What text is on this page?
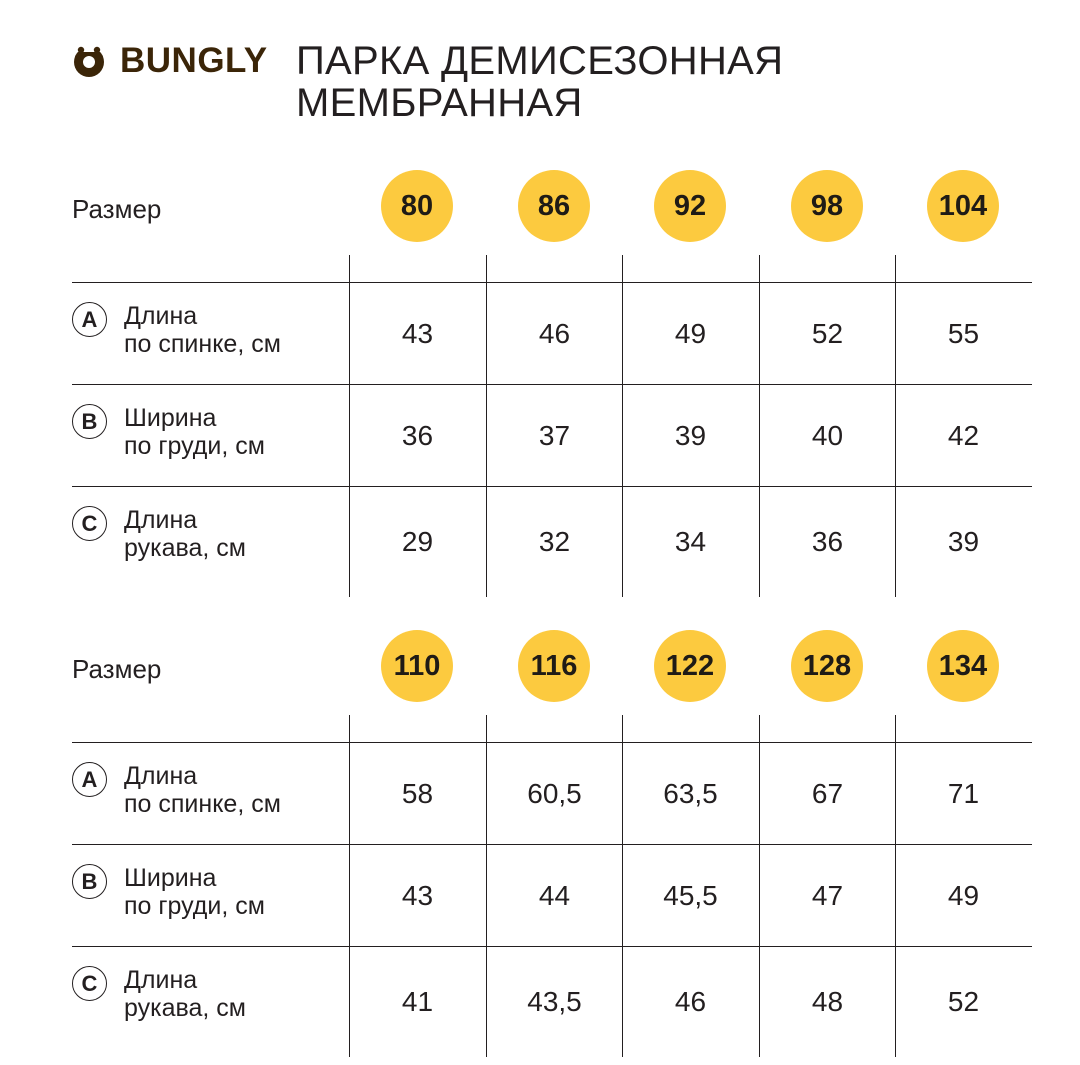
BUNGLY ПАРКА ДЕМИСЕЗОННАЯ
МЕМБРАННАЯ
Размер	80	86	92	98	104
A	Длина
по спинке, см	43	46	49	52	55
B	Ширина
по груди, см	36	37	39	40	42
C	Длина
рукава, см	29	32	34	36	39
Размер	110	116	122	128	134
A	Длина
по спинке, см	58	60,5	63,5	67	71
B	Ширина
по груди, см	43	44	45,5	47	49
C	Длина
рукава, см	41	43,5	46	48	52
